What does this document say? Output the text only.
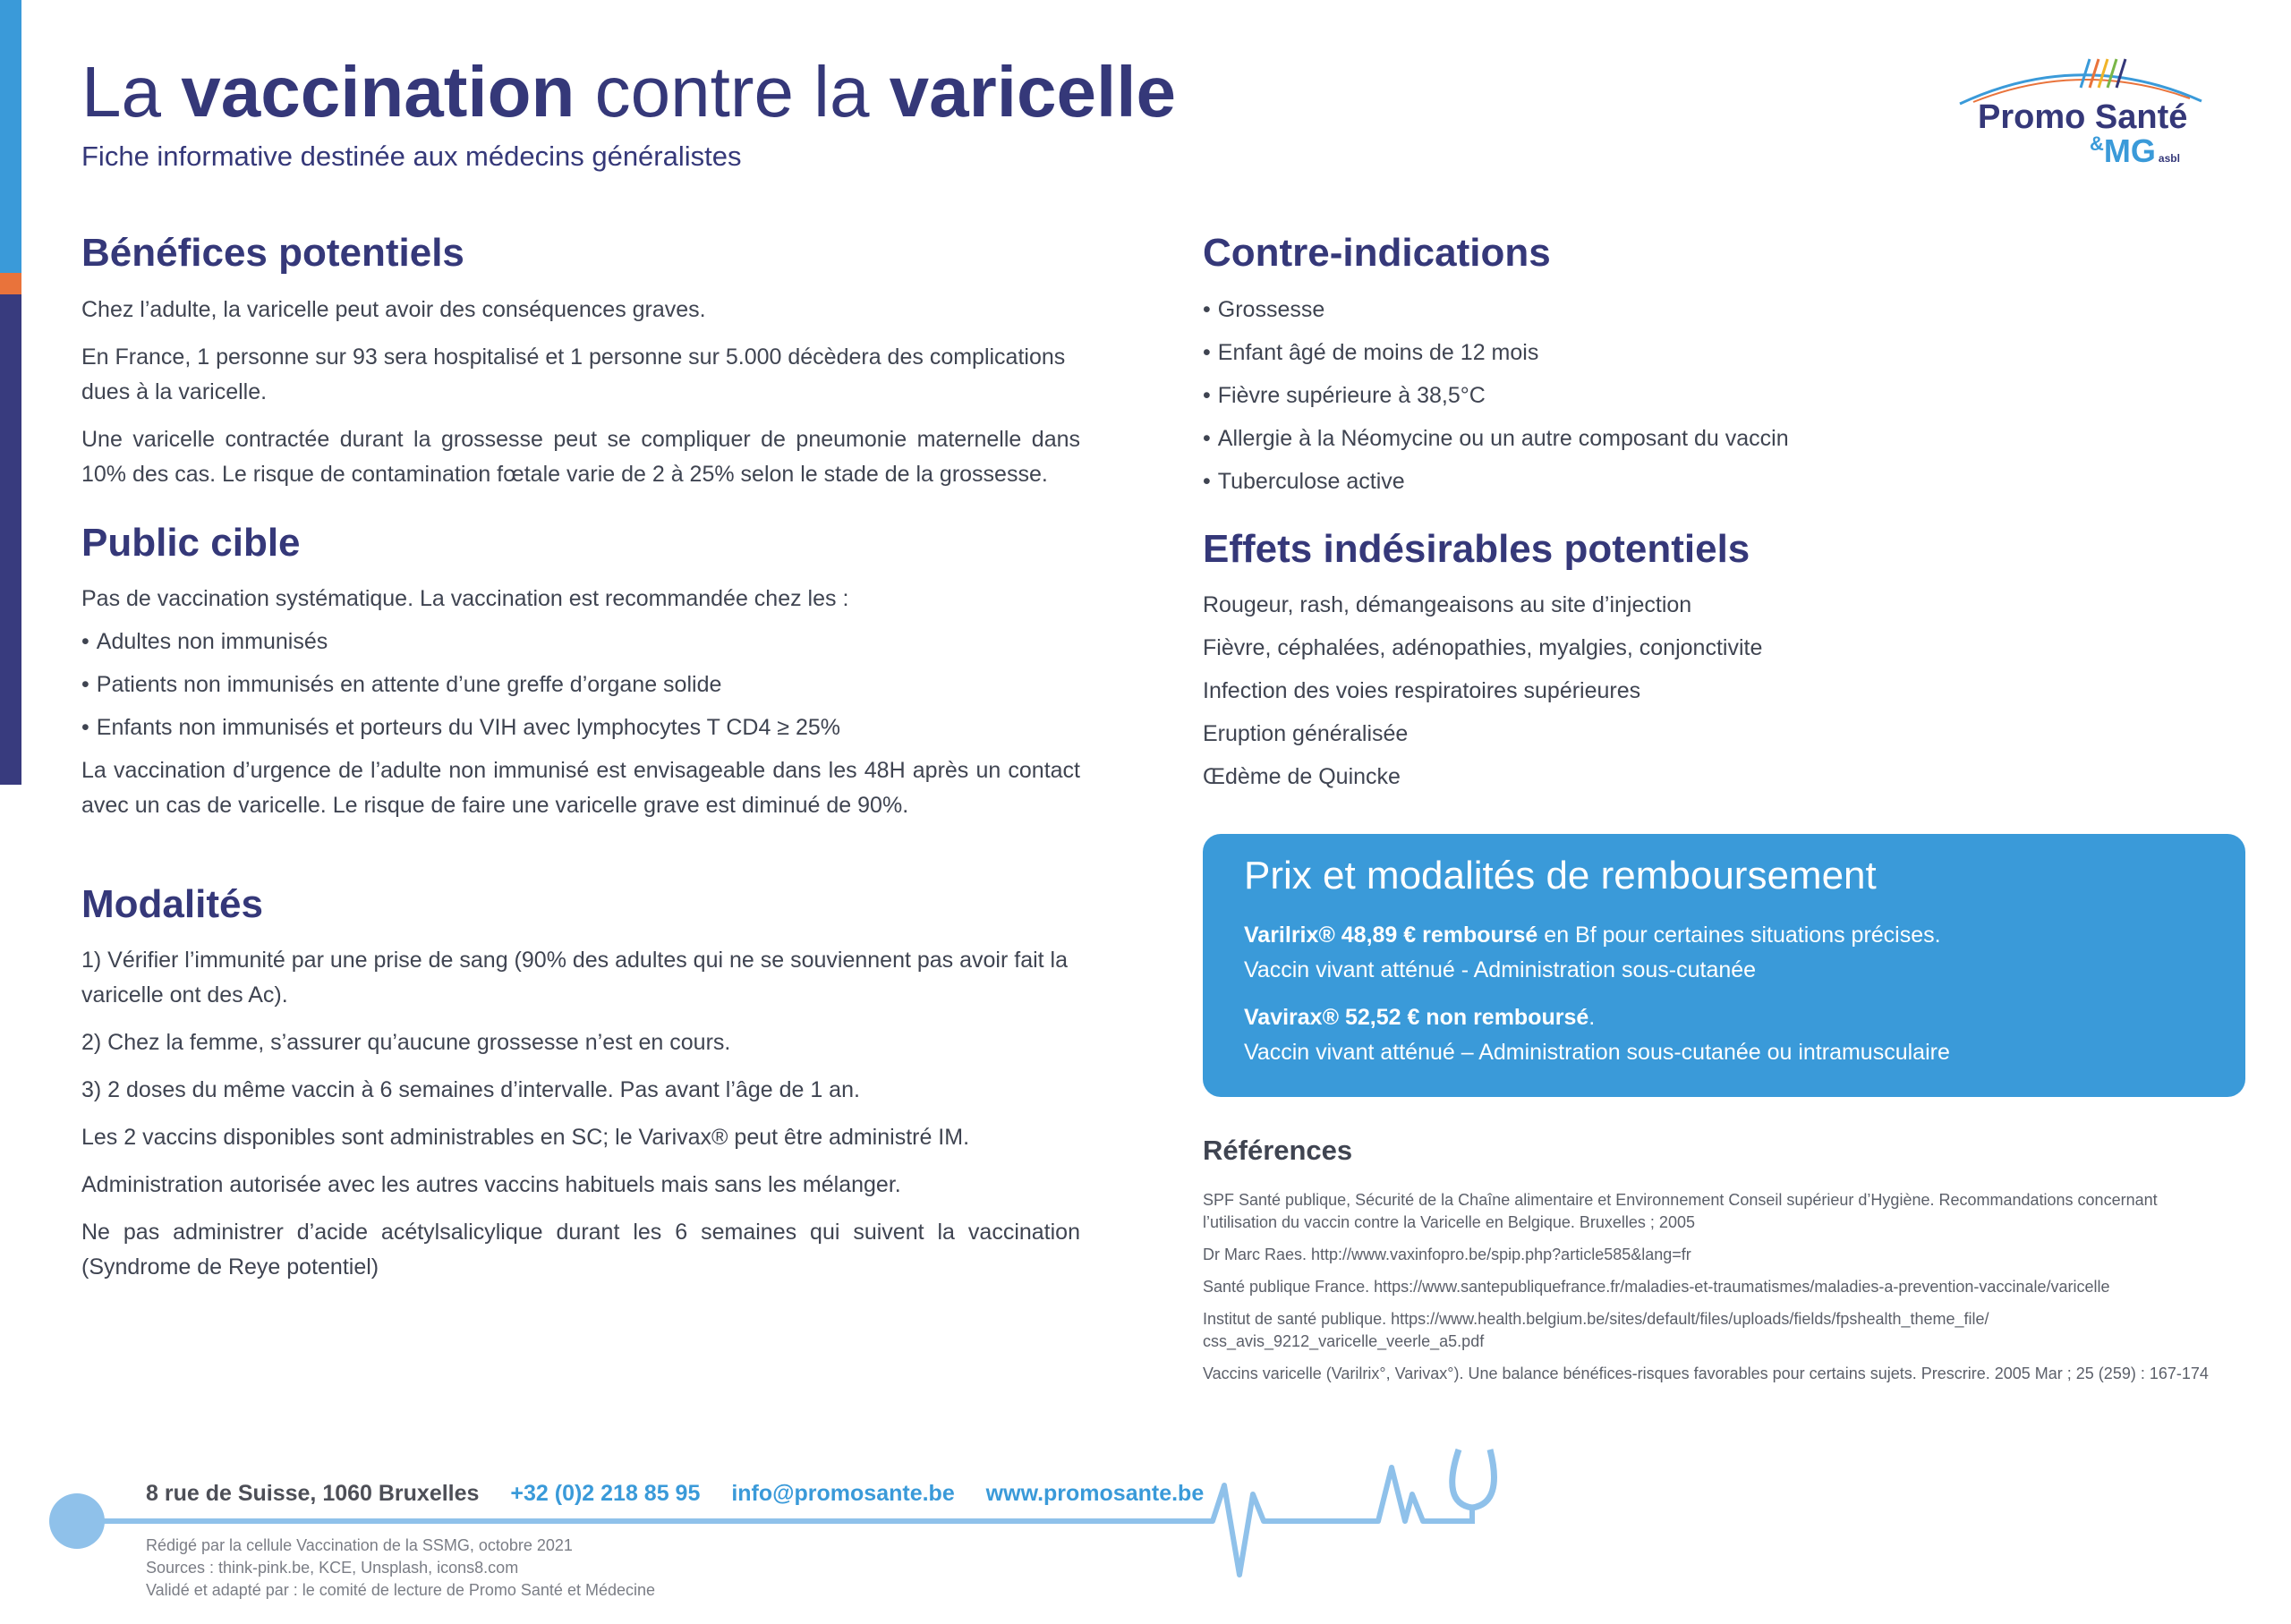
La vaccination contre la varicelle
Fiche informative destinée aux médecins généralistes
Promo Santé
&MG asbl
Bénéfices potentiels

Chez l’adulte, la varicelle peut avoir des conséquences graves.

En France, 1 personne sur 93 sera hospitalisé et 1 personne sur 5.000 décèdera des complications dues à la varicelle.

Une varicelle contractée durant la grossesse peut se compliquer de pneumonie maternelle dans 10% des cas. Le risque de contamination fœtale varie de 2 à 25% selon le stade de la grossesse.

Public cible

Pas de vaccination systématique. La vaccination est recommandée chez les :

• Adultes non immunisés
• Patients non immunisés en attente d’une greffe d’organe solide
• Enfants non immunisés et porteurs du VIH avec lymphocytes T CD4 ≥ 25%

La vaccination d’urgence de l’adulte non immunisé est envisageable dans les 48H après un contact avec un cas de varicelle. Le risque de faire une varicelle grave est diminué de 90%.

Modalités

1) Vérifier l’immunité par une prise de sang (90% des adultes qui ne se souviennent pas avoir fait la varicelle ont des Ac).

2) Chez la femme, s’assurer qu’aucune grossesse n’est en cours.

3) 2 doses du même vaccin à 6 semaines d’intervalle. Pas avant l’âge de 1 an.

Les 2 vaccins disponibles sont administrables en SC; le Varivax® peut être administré IM.

Administration autorisée avec les autres vaccins habituels mais sans les mélanger.

Ne pas administrer d’acide acétylsalicylique durant les 6 semaines qui suivent la vaccination (Syndrome de Reye potentiel)

Contre-indications
• Grossesse
• Enfant âgé de moins de 12 mois
• Fièvre supérieure à 38,5°C
• Allergie à la Néomycine ou un autre composant du vaccin
• Tuberculose active
Effets indésirables potentiels
Rougeur, rash, démangeaisons au site d’injection
Fièvre, céphalées, adénopathies, myalgies, conjonctivite
Infection des voies respiratoires supérieures
Eruption généralisée
Œdème de Quincke
Prix et modalités de remboursement

Varilrix® 48,89 € remboursé en Bf pour certaines situations précises.

Vaccin vivant atténué - Administration sous-cutanée

Vavirax® 52,52 € non remboursé.

Vaccin vivant atténué – Administration sous-cutanée ou intramusculaire

Références
SPF Santé publique, Sécurité de la Chaîne alimentaire et Environnement Conseil supérieur d’Hygiène. Recommandations concernant l’utilisation du vaccin contre la Varicelle en Belgique. Bruxelles ; 2005
Dr Marc Raes. http://www.vaxinfopro.be/spip.php?article585&lang=fr
Santé publique France. https://www.santepubliquefrance.fr/maladies-et-traumatismes/maladies-a-prevention-vaccinale/varicelle
Institut de santé publique. https://www.health.belgium.be/sites/default/files/uploads/fields/fpshealth_theme_file/ css_avis_9212_varicelle_veerle_a5.pdf
Vaccins varicelle (Varilrix°, Varivax°). Une balance bénéfices-risques favorables pour certains sujets. Prescrire. 2005 Mar ; 25 (259) : 167-174
8 rue de Suisse, 1060 Bruxelles +32 (0)2 218 85 95 info@promosante.be www.promosante.be
Rédigé par la cellule Vaccination de la SSMG, octobre 2021
Sources : think-pink.be, KCE, Unsplash, icons8.com
Validé et adapté par : le comité de lecture de Promo Santé et Médecine
